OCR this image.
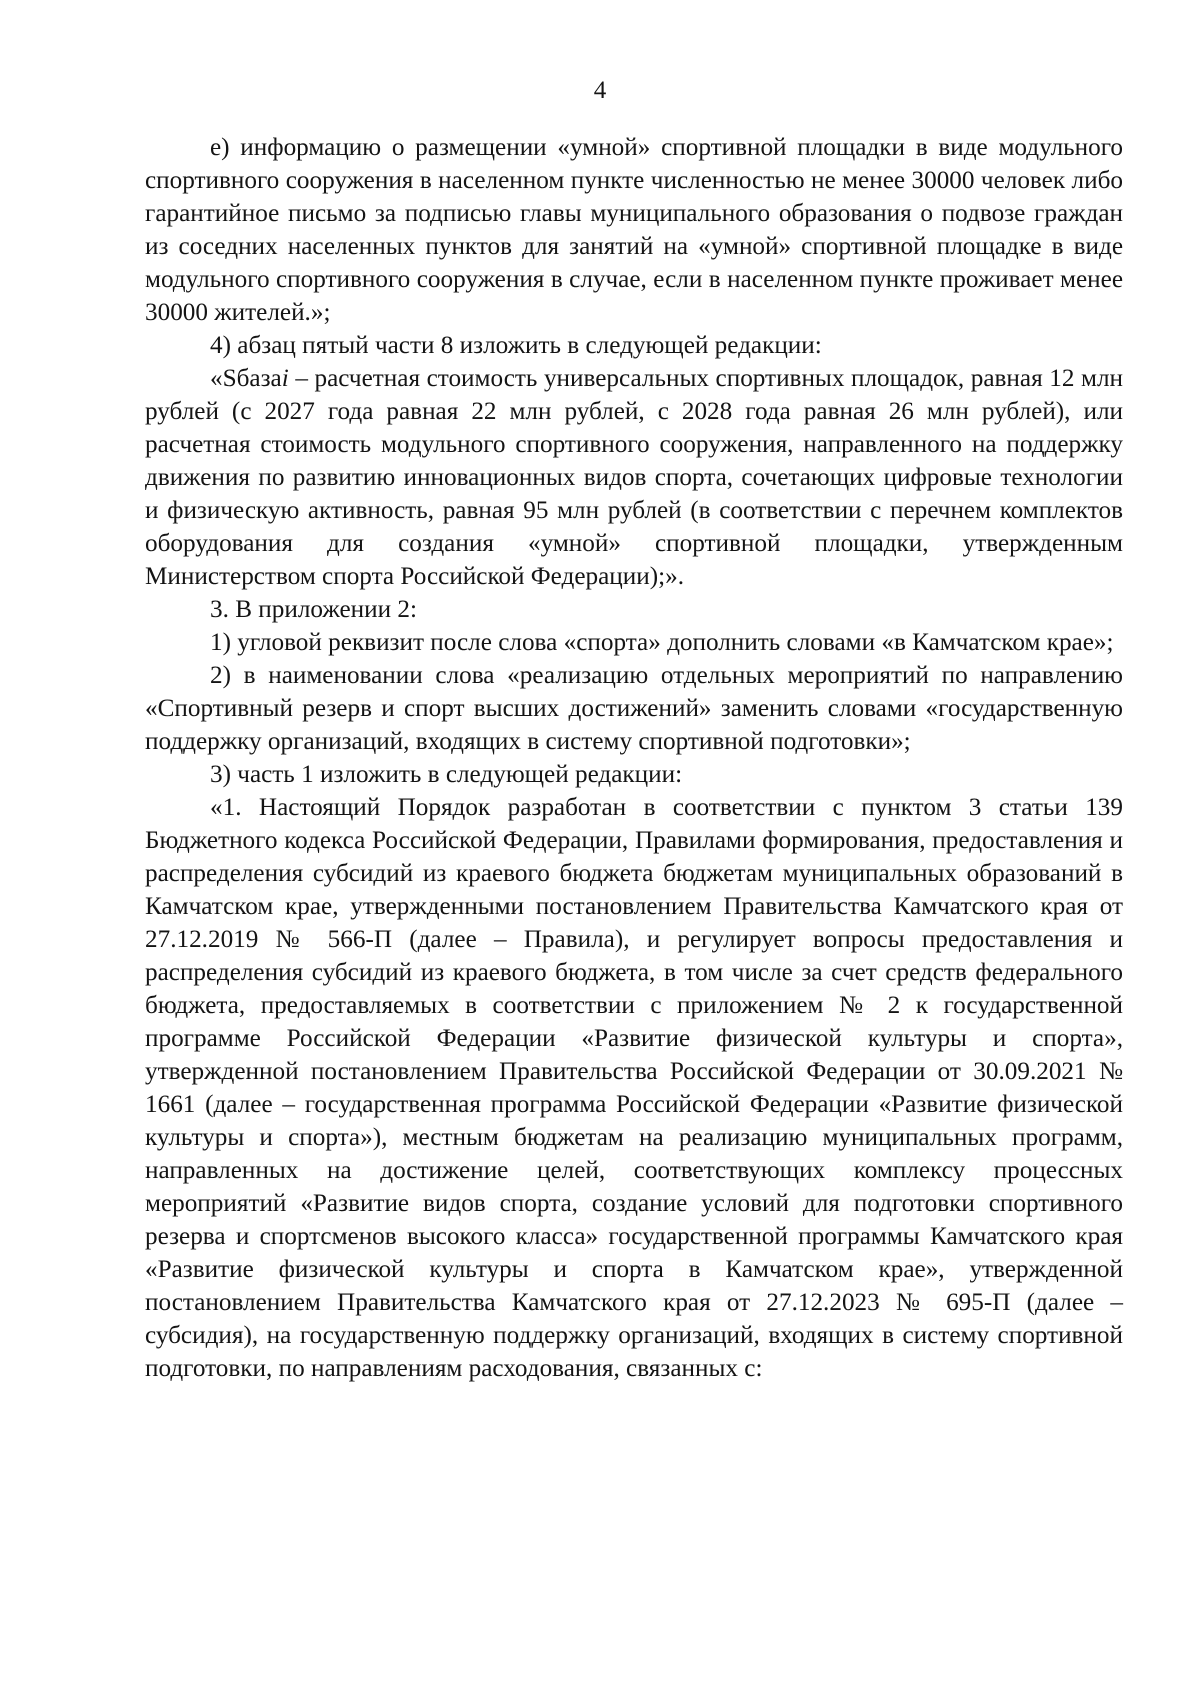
4

е) информацию о размещении «умной» спортивной площадки в виде модульного спортивного сооружения в населенном пункте численностью не менее 30000 человек либо гарантийное письмо за подписью главы муниципального образования о подвозе граждан из соседних населенных пунктов для занятий на «умной» спортивной площадке в виде модульного спортивного сооружения в случае, если в населенном пункте проживает менее 30000 жителей.»;

4) абзац пятый части 8 изложить в следующей редакции:

«Sбазаi – расчетная стоимость универсальных спортивных площадок, равная 12 млн рублей (с 2027 года равная 22 млн рублей, с 2028 года равная 26 млн рублей), или расчетная стоимость модульного спортивного сооружения, направленного на поддержку движения по развитию инновационных видов спорта, сочетающих цифровые технологии и физическую активность, равная 95 млн рублей (в соответствии с перечнем комплектов оборудования для создания «умной» спортивной площадки, утвержденным Министерством спорта Российской Федерации);».

3. В приложении 2:

1) угловой реквизит после слова «спорта» дополнить словами «в Камчатском крае»;

2) в наименовании слова «реализацию отдельных мероприятий по направлению «Спортивный резерв и спорт высших достижений» заменить словами «государственную поддержку организаций, входящих в систему спортивной подготовки»;

3) часть 1 изложить в следующей редакции:

«1. Настоящий Порядок разработан в соответствии с пунктом 3 статьи 139 Бюджетного кодекса Российской Федерации, Правилами формирования, предоставления и распределения субсидий из краевого бюджета бюджетам муниципальных образований в Камчатском крае, утвержденными постановлением Правительства Камчатского края от 27.12.2019 № 566-П (далее – Правила), и регулирует вопросы предоставления и распределения субсидий из краевого бюджета, в том числе за счет средств федерального бюджета, предоставляемых в соответствии с приложением № 2 к государственной программе Российской Федерации «Развитие физической культуры и спорта», утвержденной постановлением Правительства Российской Федерации от 30.09.2021 № 1661 (далее – государственная программа Российской Федерации «Развитие физической культуры и спорта»), местным бюджетам на реализацию муниципальных программ, направленных на достижение целей, соответствующих комплексу процессных мероприятий «Развитие видов спорта, создание условий для подготовки спортивного резерва и спортсменов высокого класса» государственной программы Камчатского края «Развитие физической культуры и спорта в Камчатском крае», утвержденной постановлением Правительства Камчатского края от 27.12.2023 № 695-П (далее – субсидия), на государственную поддержку организаций, входящих в систему спортивной подготовки, по направлениям расходования, связанных с:
